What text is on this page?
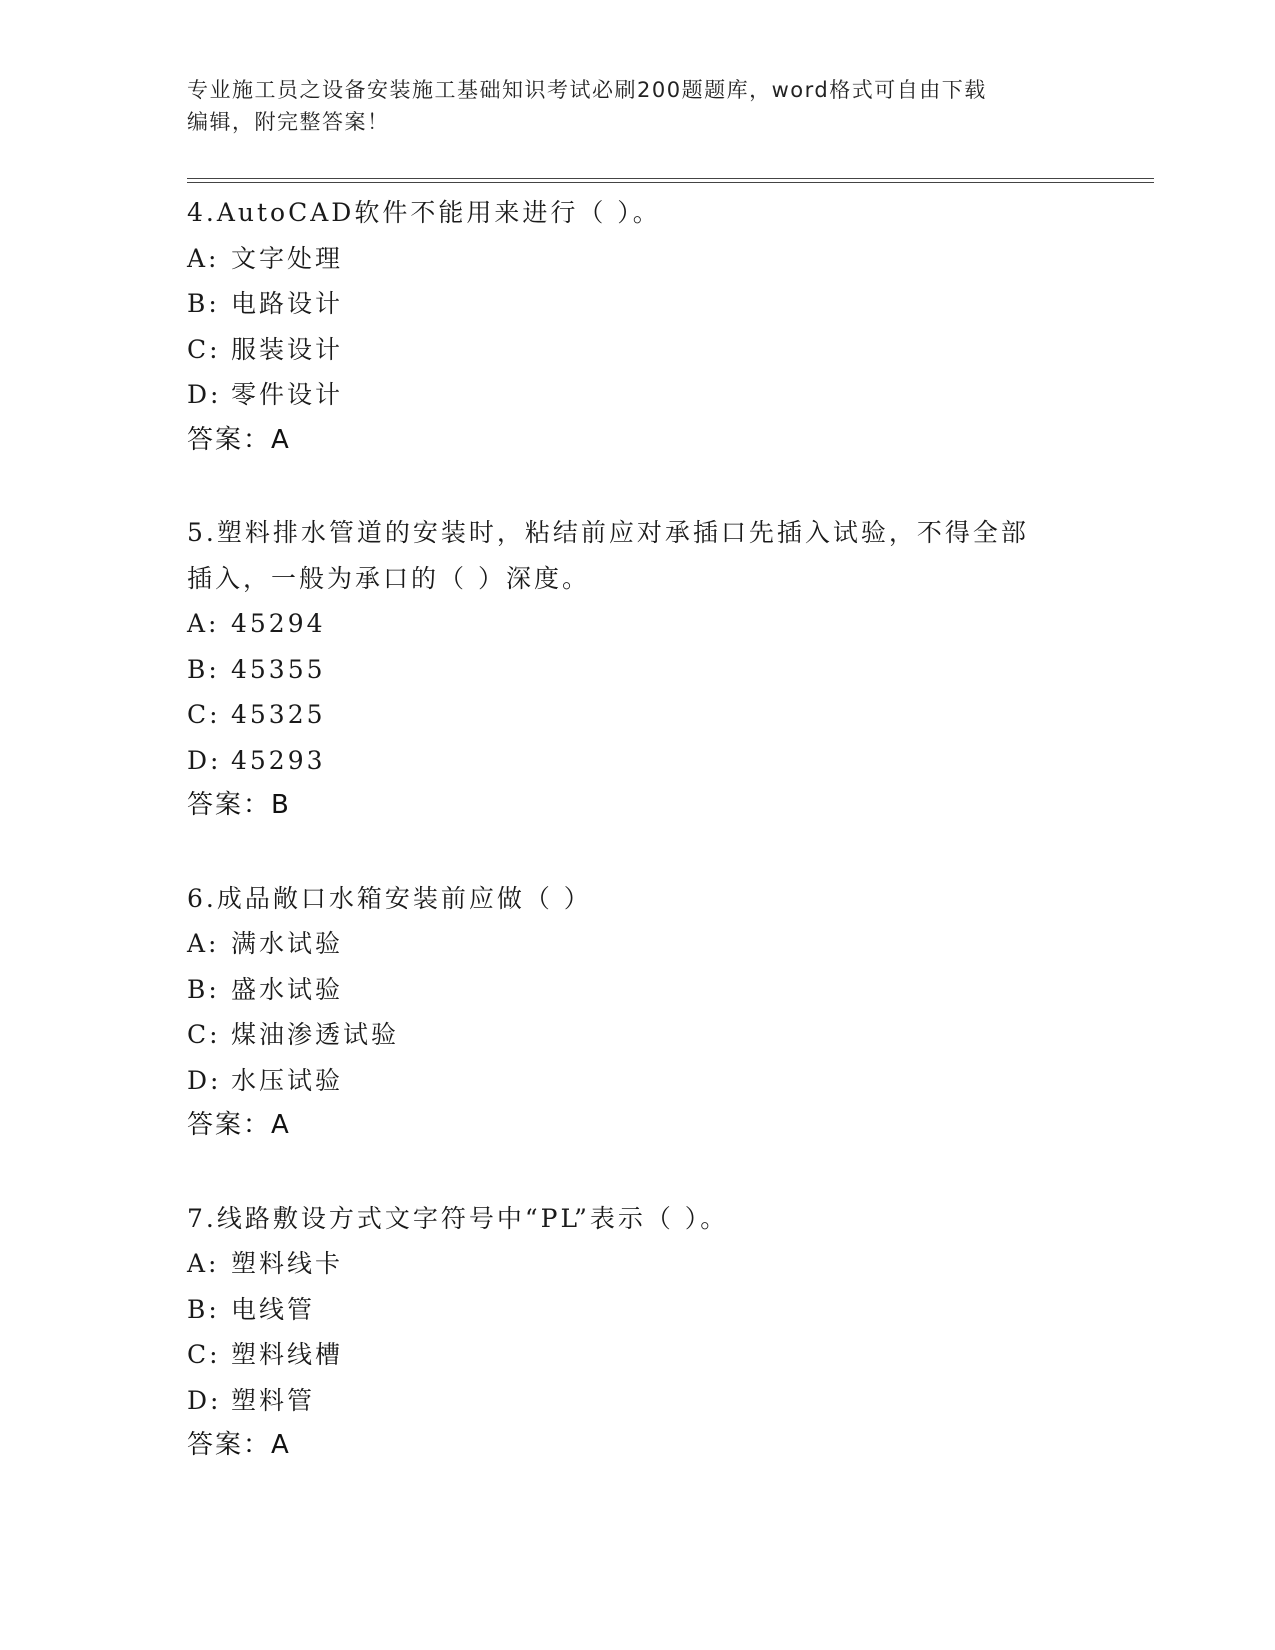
专业施工员之设备安装施工基础知识考试必刷200题题库，word格式可自由下载
编辑，附完整答案！

4.AutoCAD软件不能用来进行（ ）。

A: 文字处理
B: 电路设计
C: 服装设计
D: 零件设计
答案：A

5.塑料排水管道的安装时，粘结前应对承插口先插入试验，不得全部插入，一般为承口的（ ）深度。

A: 45294
B: 45355
C: 45325
D: 45293
答案：B

6.成品敞口水箱安装前应做（ ）

A: 满水试验
B: 盛水试验
C: 煤油渗透试验
D: 水压试验
答案：A

7.线路敷设方式文字符号中“PL”表示（ ）。

A: 塑料线卡
B: 电线管
C: 塑料线槽
D: 塑料管
答案：A
